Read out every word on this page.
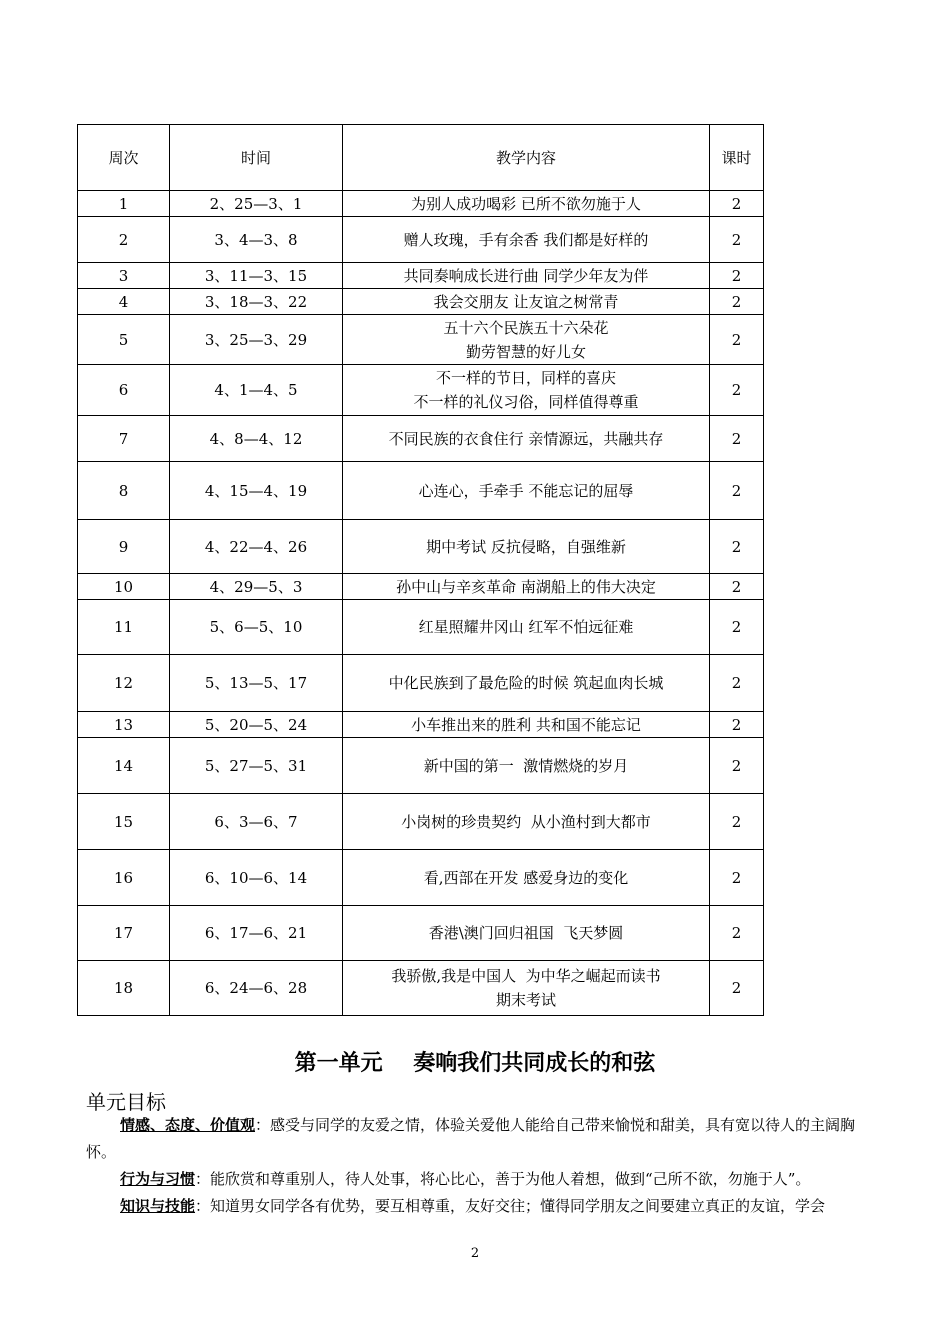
周次	时间	教学内容	课时
1	2、25—3、1	为别人成功喝彩 已所不欲勿施于人	2
2	3、4—3、8	赠人玫瑰，手有余香 我们都是好样的	2
3	3、11—3、15	共同奏响成长进行曲 同学少年友为伴	2
4	3、18—3、22	我会交朋友 让友谊之树常青	2
5	3、25—3、29	五十六个民族五十六朵花
勤劳智慧的好儿女	2
6	4、1—4、5	不一样的节日，同样的喜庆
不一样的礼仪习俗，同样值得尊重	2
7	4、8—4、12	不同民族的衣食住行 亲情源远，共融共存	2
8	4、15—4、19	心连心，手牵手 不能忘记的屈辱	2
9	4、22—4、26	期中考试 反抗侵略，自强维新	2
10	4、29—5、3	孙中山与辛亥革命 南湖船上的伟大决定	2
11	5、6—5、10	红星照耀井冈山 红军不怕远征难	2
12	5、13—5、17	中化民族到了最危险的时候 筑起血肉长城	2
13	5、20—5、24	小车推出来的胜利 共和国不能忘记	2
14	5、27—5、31	新中国的第一  激情燃烧的岁月	2
15	6、3—6、7	小岗树的珍贵契约  从小渔村到大都市	2
16	6、10—6、14	看,西部在开发 感爱身边的变化	2
17	6、17—6、21	香港\澳门回归祖国  飞天梦圆	2
18	6、24—6、28	我骄傲,我是中国人  为中华之崛起而读书
期末考试	2
第一单元    奏响我们共同成长的和弦
单元目标
情感、态度、价值观：感受与同学的友爱之情，体验关爱他人能给自己带来愉悦和甜美，具有宽以待人的主阔胸怀。
行为与习惯：能欣赏和尊重别人，待人处事，将心比心，善于为他人着想，做到“己所不欲，勿施于人”。
知识与技能：知道男女同学各有优势，要互相尊重，友好交往；懂得同学朋友之间要建立真正的友谊，学会
2
